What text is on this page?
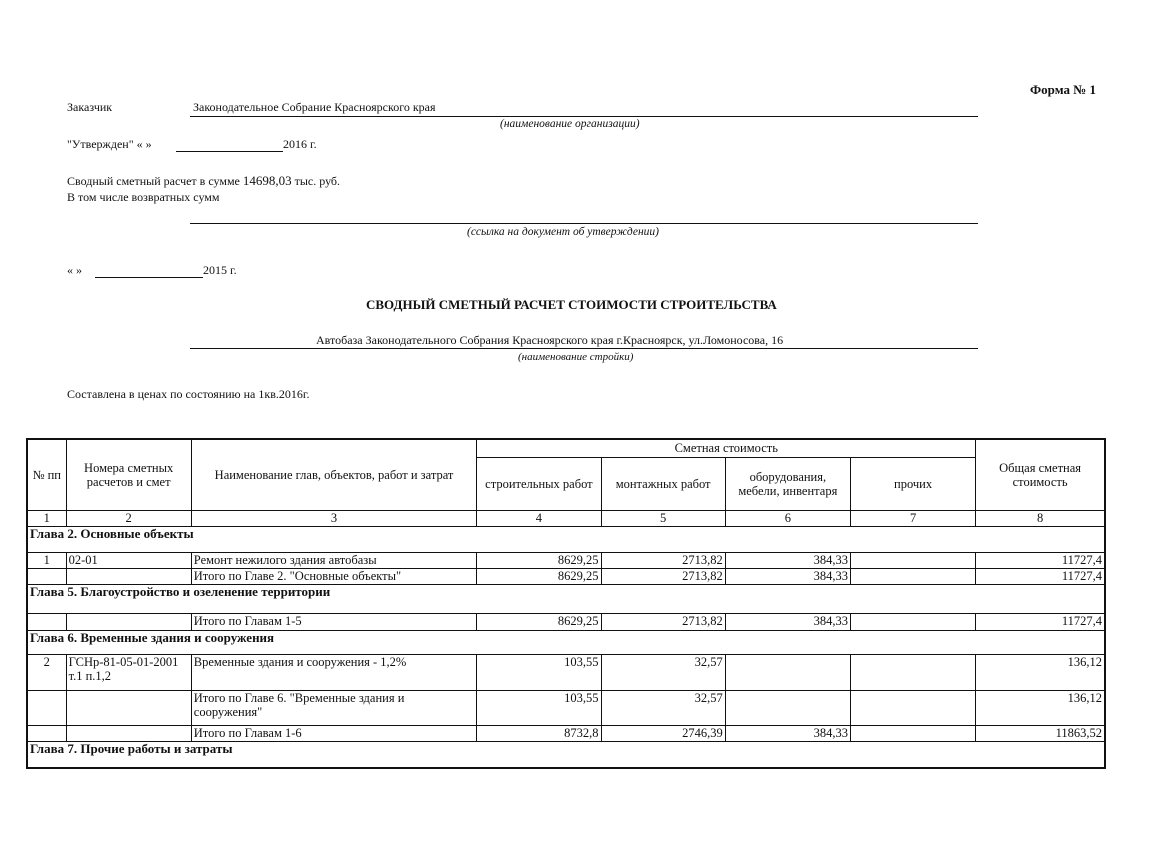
Форма № 1
Заказчик	Законодательное Собрание Красноярского края
(наименование организации)
"Утвержден" « »	2016 г.
Сводный сметный расчет в сумме 14698,03 тыс. руб.
В том числе возвратных сумм
(ссылка на документ об утверждении)
« »	2015 г.
СВОДНЫЙ СМЕТНЫЙ РАСЧЕТ СТОИМОСТИ СТРОИТЕЛЬСТВА
Автобаза Законодательного Собрания Красноярского края г.Красноярск, ул.Ломоносова, 16
(наименование стройки)
Составлена в ценах по состоянию на 1кв.2016г.
№ пп	Номера сметных расчетов и смет	Наименование глав, объектов, работ и затрат	Сметная стоимость				Общая сметная стоимость
			строительных работ	монтажных работ	оборудования, мебели, инвентаря	прочих	
1	2	3	4	5	6	7	8
Глава 2. Основные объекты							
1	02-01	Ремонт нежилого здания автобазы	8629,25	2713,82	384,33		11727,4
		Итого по Главе 2. "Основные объекты"	8629,25	2713,82	384,33		11727,4
Глава 5. Благоустройство и озеленение территории							
		Итого по Главам 1-5	8629,25	2713,82	384,33		11727,4
Глава 6. Временные здания и сооружения							
2	ГСНр-81-05-01-2001 т.1 п.1,2	Временные здания и сооружения - 1,2%	103,55	32,57			136,12
		Итого по Главе 6. "Временные здания и сооружения"	103,55	32,57			136,12
		Итого по Главам 1-6	8732,8	2746,39	384,33		11863,52
Глава 7. Прочие работы и затраты							
